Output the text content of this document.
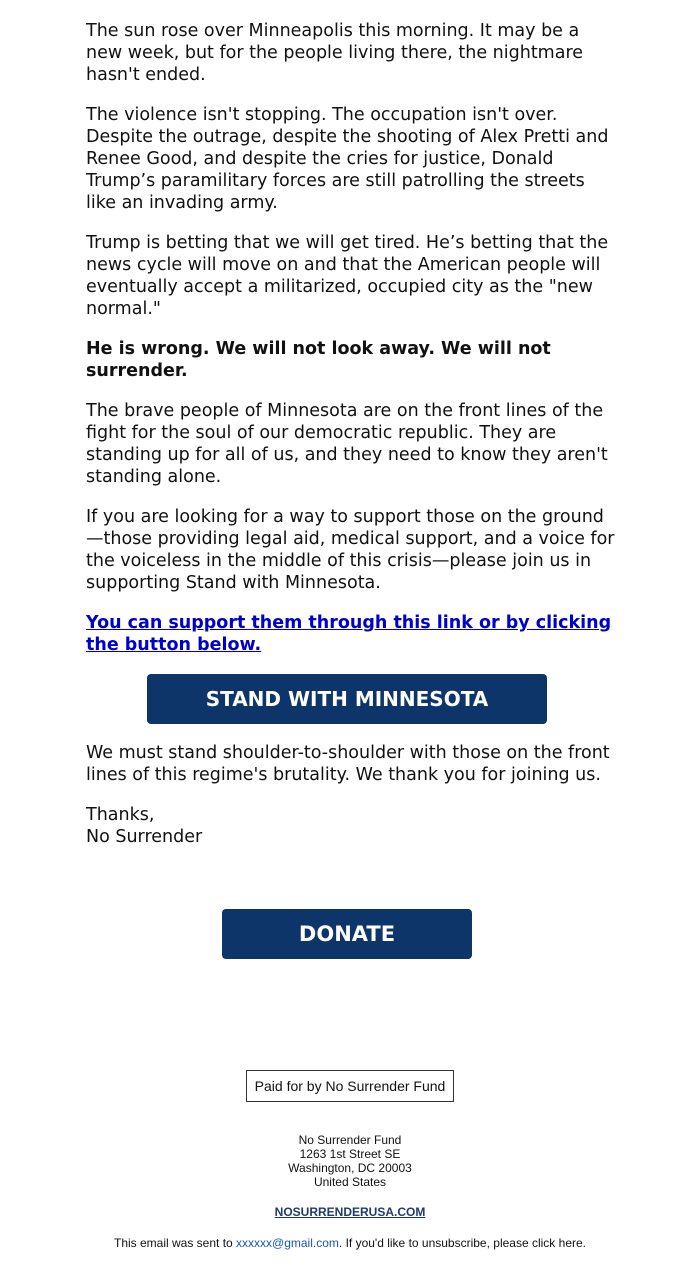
The sun rose over Minneapolis this morning. It may be a new week, but for the people living there, the nightmare hasn't ended.

The violence isn't stopping. The occupation isn't over. Despite the outrage, despite the shooting of Alex Pretti and Renee Good, and despite the cries for justice, Donald Trump’s paramilitary forces are still patrolling the streets like an invading army.

Trump is betting that we will get tired. He’s betting that the news cycle will move on and that the American people will eventually accept a militarized, occupied city as the "new normal."

He is wrong. We will not look away. We will not surrender.

The brave people of Minnesota are on the front lines of the fight for the soul of our democratic republic. They are standing up for all of us, and they need to know they aren't standing alone.

If you are looking for a way to support those on the ground—those providing legal aid, medical support, and a voice for the voiceless in the middle of this crisis—please join us in supporting Stand with Minnesota.

You can support them through this link or by clicking the button below.
STAND WITH MINNESOTA

We must stand shoulder-to-shoulder with those on the front lines of this regime's brutality. We thank you for joining us.

Thanks,
No Surrender
DONATE
Paid for by No Surrender Fund
No Surrender Fund
1263 1st Street SE
Washington, DC 20003
United States
NOSURRENDERUSA.COM
This email was sent to xxxxxx@gmail.com. If you'd like to unsubscribe, please click here.
